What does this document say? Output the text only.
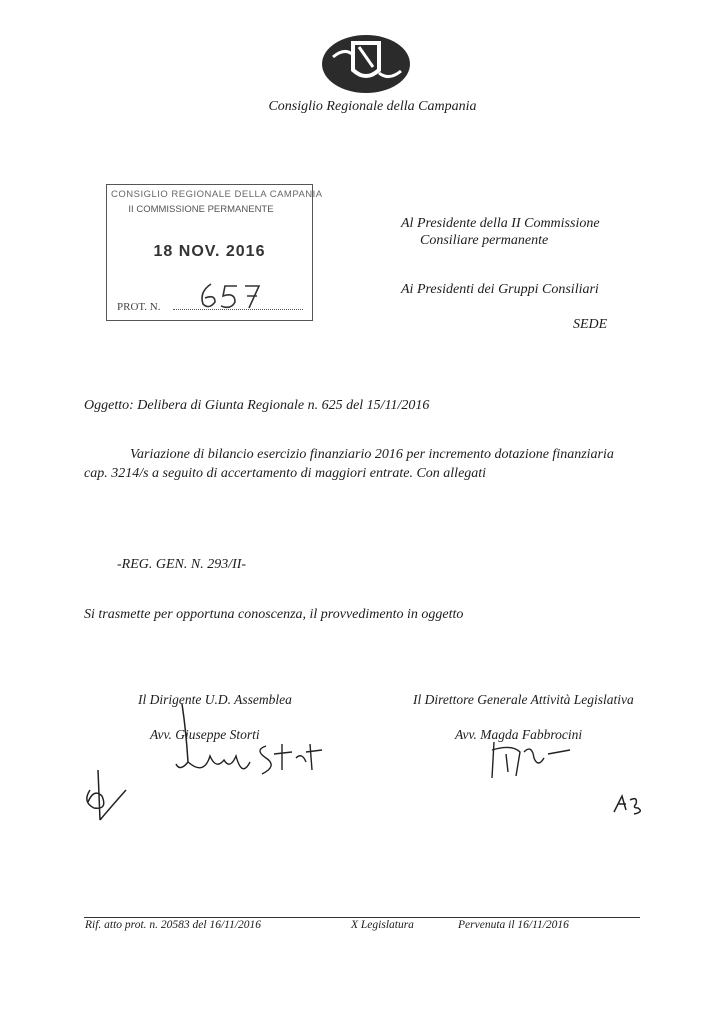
Consiglio Regionale della Campania
CONSIGLIO REGIONALE DELLA CAMPANIA
II COMMISSIONE PERMANENTE
18 NOV. 2016
PROT. N.
Al Presidente della II Commissione
Consiliare permanente
Ai Presidenti dei Gruppi Consiliari
SEDE
Oggetto: Delibera di Giunta Regionale n. 625 del 15/11/2016
Variazione di bilancio esercizio finanziario 2016 per incremento dotazione finanziaria
cap. 3214/s a seguito di accertamento di maggiori entrate. Con allegati
-REG. GEN. N. 293/II-
Si trasmette per opportuna conoscenza, il provvedimento in oggetto
Il Dirigente U.D. Assemblea
Avv. Giuseppe Storti
Il Direttore Generale Attività Legislativa
Avv. Magda Fabbrocini
Rif. atto prot. n. 20583 del 16/11/2016	X Legislatura	Pervenuta il 16/11/2016
